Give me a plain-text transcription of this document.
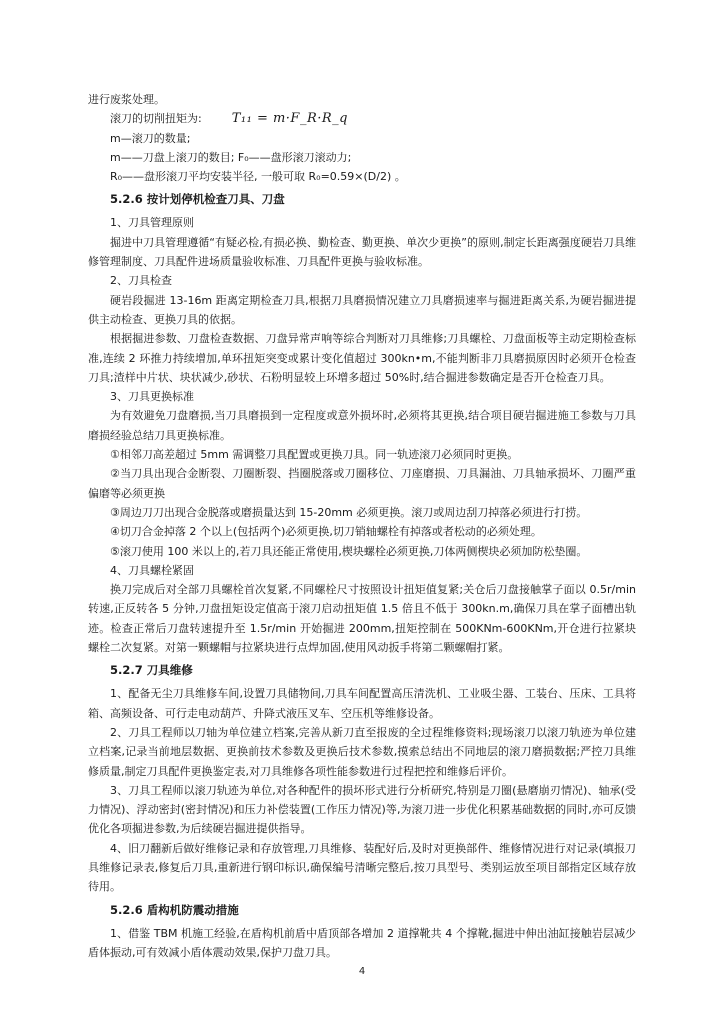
进行废浆处理。

滚刀的切削扭矩为:	T₁₁ = m·F_R·R_q

m—滚刀的数量;

m——刀盘上滚刀的数目; F₀——盘形滚刀滚动力;

R₀——盘形滚刀平均安装半径, 一般可取 R₀=0.59×(D/2) 。

5.2.6 按计划停机检查刀具、刀盘

1、刀具管理原则

掘进中刀具管理遵循“有疑必检,有损必换、勤检查、勤更换、单次少更换”的原则,制定长距离强度硬岩刀具维修管理制度、刀具配件进场质量验收标准、刀具配件更换与验收标准。

2、刀具检查

硬岩段掘进 13-16m 距离定期检查刀具,根据刀具磨损情况建立刀具磨损速率与掘进距离关系,为硬岩掘进提供主动检查、更换刀具的依据。

根据掘进参数、刀盘检查数据、刀盘异常声响等综合判断对刀具维修;刀具螺栓、刀盘面板等主动定期检查标准,连续 2 环推力持续增加,单环扭矩突变或累计变化值超过 300kn•m,不能判断非刀具磨损原因时必须开仓检查刀具;渣样中片状、块状减少,砂状、石粉明显较上环增多超过 50%时,结合掘进参数确定是否开仓检查刀具。

3、刀具更换标准

为有效避免刀盘磨损,当刀具磨损到一定程度或意外损坏时,必须将其更换,结合项目硬岩掘进施工参数与刀具磨损经验总结刀具更换标准。

①相邻刀高差超过 5mm 需调整刀具配置或更换刀具。同一轨迹滚刀必须同时更换。

②当刀具出现合金断裂、刀圈断裂、挡圈脱落或刀圈移位、刀座磨损、刀具漏油、刀具轴承损坏、刀圈严重偏磨等必须更换

③周边刀刀出现合金脱落或磨损量达到 15-20mm 必须更换。滚刀或周边刮刀掉落必须进行打捞。

④切刀合金掉落 2 个以上(包括两个)必须更换,切刀销轴螺栓有掉落或者松动的必须处理。

⑤滚刀使用 100 米以上的,若刀具还能正常使用,楔块螺栓必须更换,刀体两侧楔块必须加防松垫圈。

4、刀具螺栓紧固

换刀完成后对全部刀具螺栓首次复紧,不同螺栓尺寸按照设计扭矩值复紧;关仓后刀盘接触掌子面以 0.5r/min 转速,正反转各 5 分钟,刀盘扭矩设定值高于滚刀启动扭矩值 1.5 倍且不低于 300kn.m,确保刀具在掌子面槽出轨迹。检查正常后刀盘转速提升至 1.5r/min 开始掘进 200mm,扭矩控制在 500KNm-600KNm,开仓进行拉紧块螺栓二次复紧。对第一颗螺帽与拉紧块进行点焊加固,使用风动扳手将第二颗螺帽打紧。

5.2.7 刀具维修

1、配备无尘刀具维修车间,设置刀具储物间,刀具车间配置高压清洗机、工业吸尘器、工装台、压床、工具将箱、高频设备、可行走电动葫芦、升降式液压叉车、空压机等维修设备。

2、刀具工程师以刀轴为单位建立档案,完善从新刀直至报废的全过程维修资料;现场滚刀以滚刀轨迹为单位建立档案,记录当前地层数据、更换前技术参数及更换后技术参数,摸索总结出不同地层的滚刀磨损数据;严控刀具维修质量,制定刀具配件更换鉴定表,对刀具维修各项性能参数进行过程把控和维修后评价。

3、刀具工程师以滚刀轨迹为单位,对各种配件的损坏形式进行分析研究,特别是刀圈(悬磨崩刃情况)、轴承(受力情况)、浮动密封(密封情况)和压力补偿装置(工作压力情况)等,为滚刀进一步优化积累基础数据的同时,亦可反馈优化各项掘进参数,为后续硬岩掘进提供指导。

4、旧刀翻新后做好维修记录和存放管理,刀具维修、装配好后,及时对更换部件、维修情况进行对记录(填报刀具维修记录表,修复后刀具,重新进行钢印标识,确保编号清晰完整后,按刀具型号、类别运放至项目部指定区域存放待用。

5.2.6 盾构机防震动措施

1、借鉴 TBM 机施工经验,在盾构机前盾中盾顶部各增加 2 道撑靴共 4 个撑靴,掘进中伸出油缸接触岩层减少盾体振动,可有效减小盾体震动效果,保护刀盘刀具。

4
